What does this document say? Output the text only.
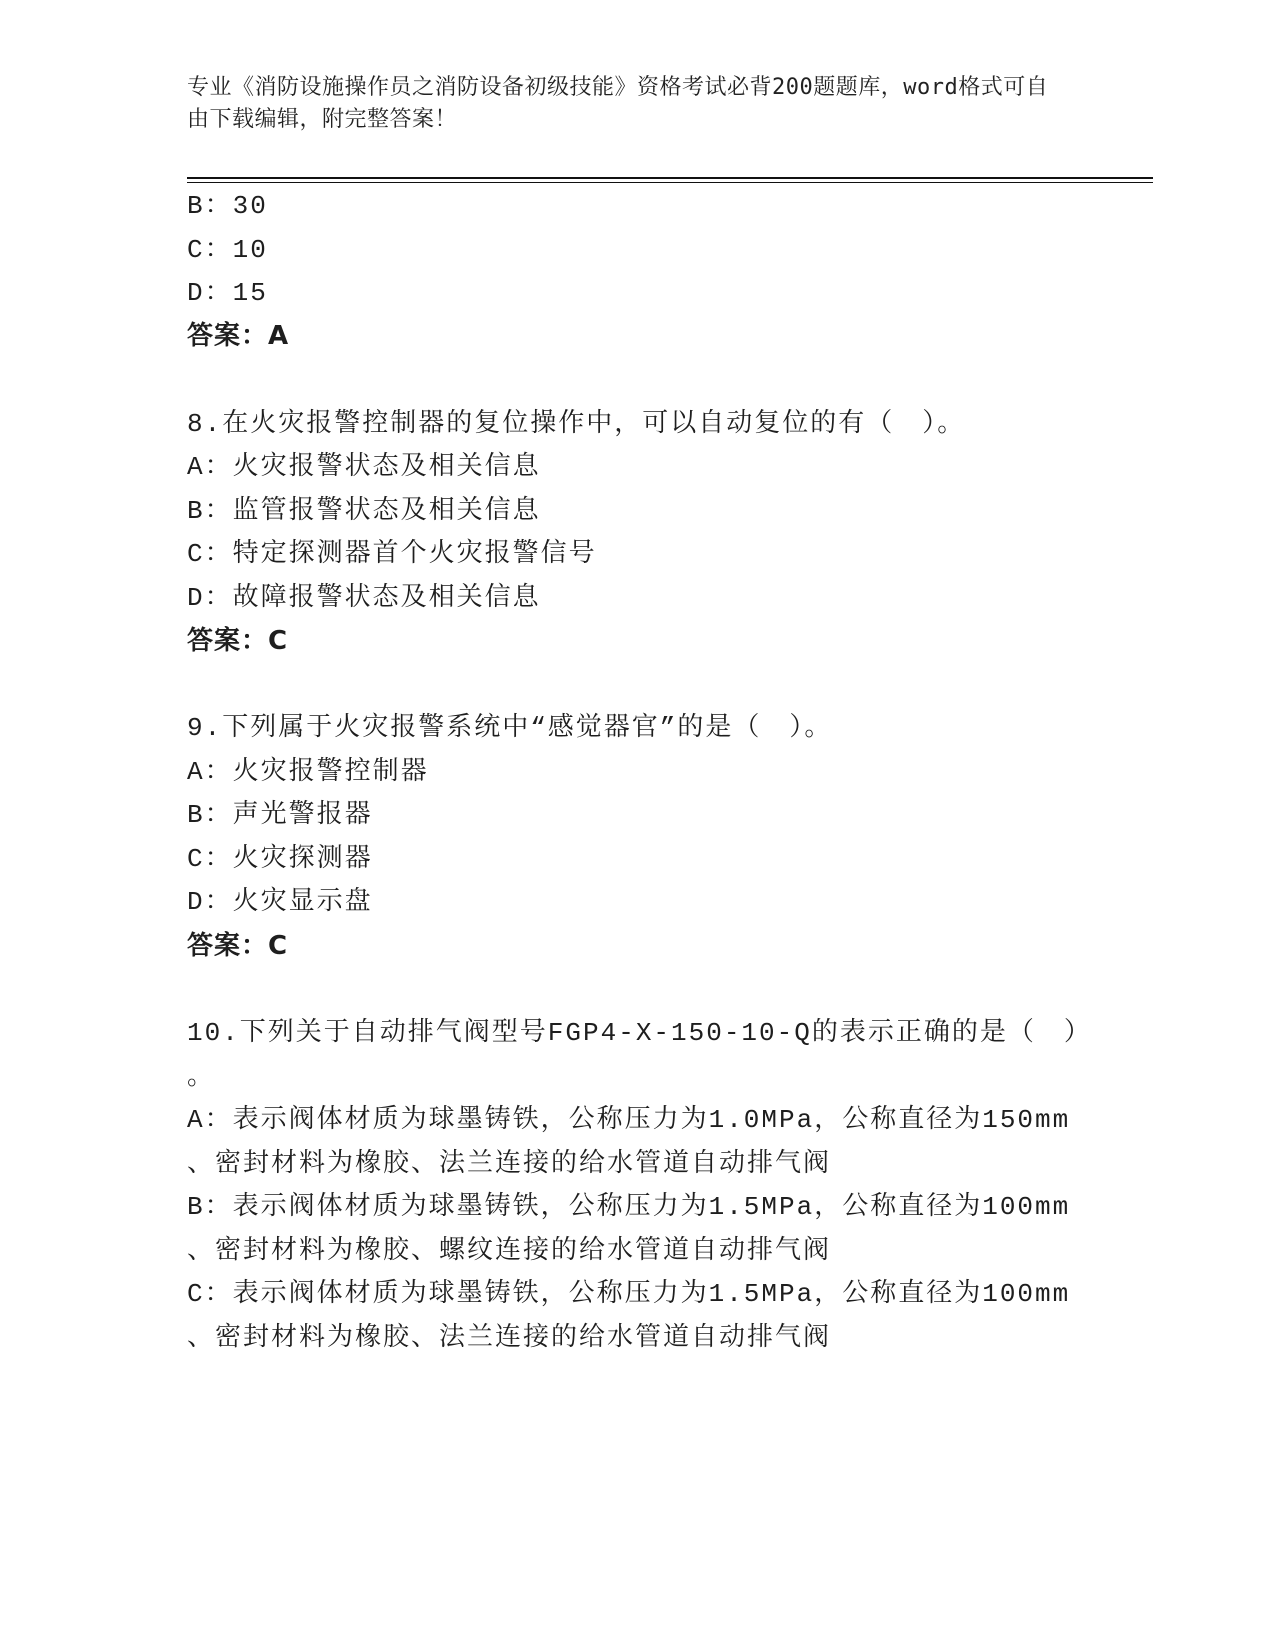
专业《消防设施操作员之消防设备初级技能》资格考试必背200题题库，word格式可自由下载编辑，附完整答案！
B：30
C：10
D：15
答案：A
8.在火灾报警控制器的复位操作中，可以自动复位的有（　）。
A：火灾报警状态及相关信息
B：监管报警状态及相关信息
C：特定探测器首个火灾报警信号
D：故障报警状态及相关信息
答案：C
9.下列属于火灾报警系统中“感觉器官”的是（　）。
A：火灾报警控制器
B：声光警报器
C：火灾探测器
D：火灾显示盘
答案：C
10.下列关于自动排气阀型号FGP4-X-150-10-Q的表示正确的是（　）
。
A：表示阀体材质为球墨铸铁，公称压力为1.0MPa，公称直径为150mm
、密封材料为橡胶、法兰连接的给水管道自动排气阀
B：表示阀体材质为球墨铸铁，公称压力为1.5MPa，公称直径为100mm
、密封材料为橡胶、螺纹连接的给水管道自动排气阀
C：表示阀体材质为球墨铸铁，公称压力为1.5MPa，公称直径为100mm
、密封材料为橡胶、法兰连接的给水管道自动排气阀
